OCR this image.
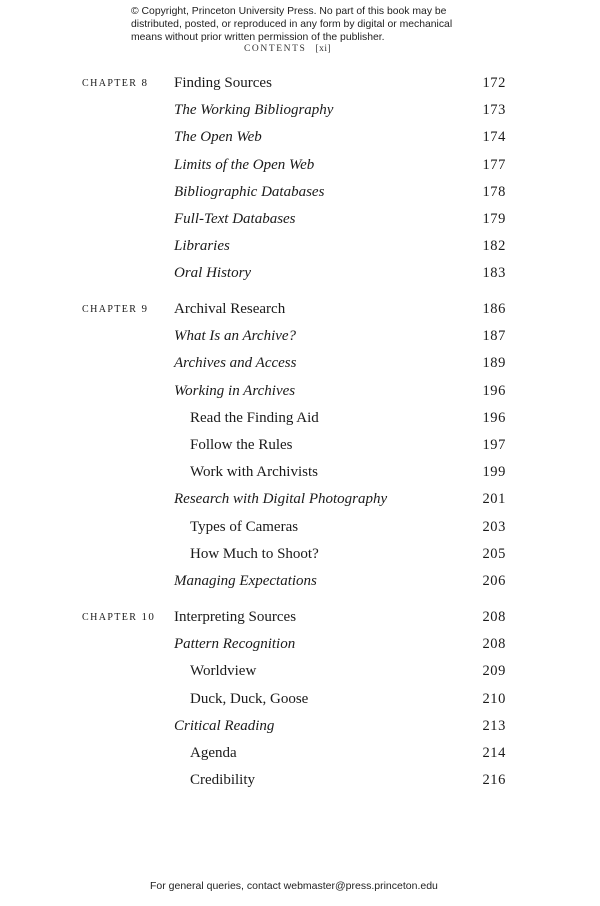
© Copyright, Princeton University Press. No part of this book may be distributed, posted, or reproduced in any form by digital or mechanical means without prior written permission of the publisher.
CONTENTS [xi]
CHAPTER 8 Finding Sources	172
The Working Bibliography	173
The Open Web	174
Limits of the Open Web	177
Bibliographic Databases	178
Full-Text Databases	179
Libraries	182
Oral History	183
CHAPTER 9 Archival Research	186
What Is an Archive?	187
Archives and Access	189
Working in Archives	196
Read the Finding Aid	196
Follow the Rules	197
Work with Archivists	199
Research with Digital Photography	201
Types of Cameras	203
How Much to Shoot?	205
Managing Expectations	206
CHAPTER 10 Interpreting Sources	208
Pattern Recognition	208
Worldview	209
Duck, Duck, Goose	210
Critical Reading	213
Agenda	214
Credibility	216
For general queries, contact webmaster@press.princeton.edu
